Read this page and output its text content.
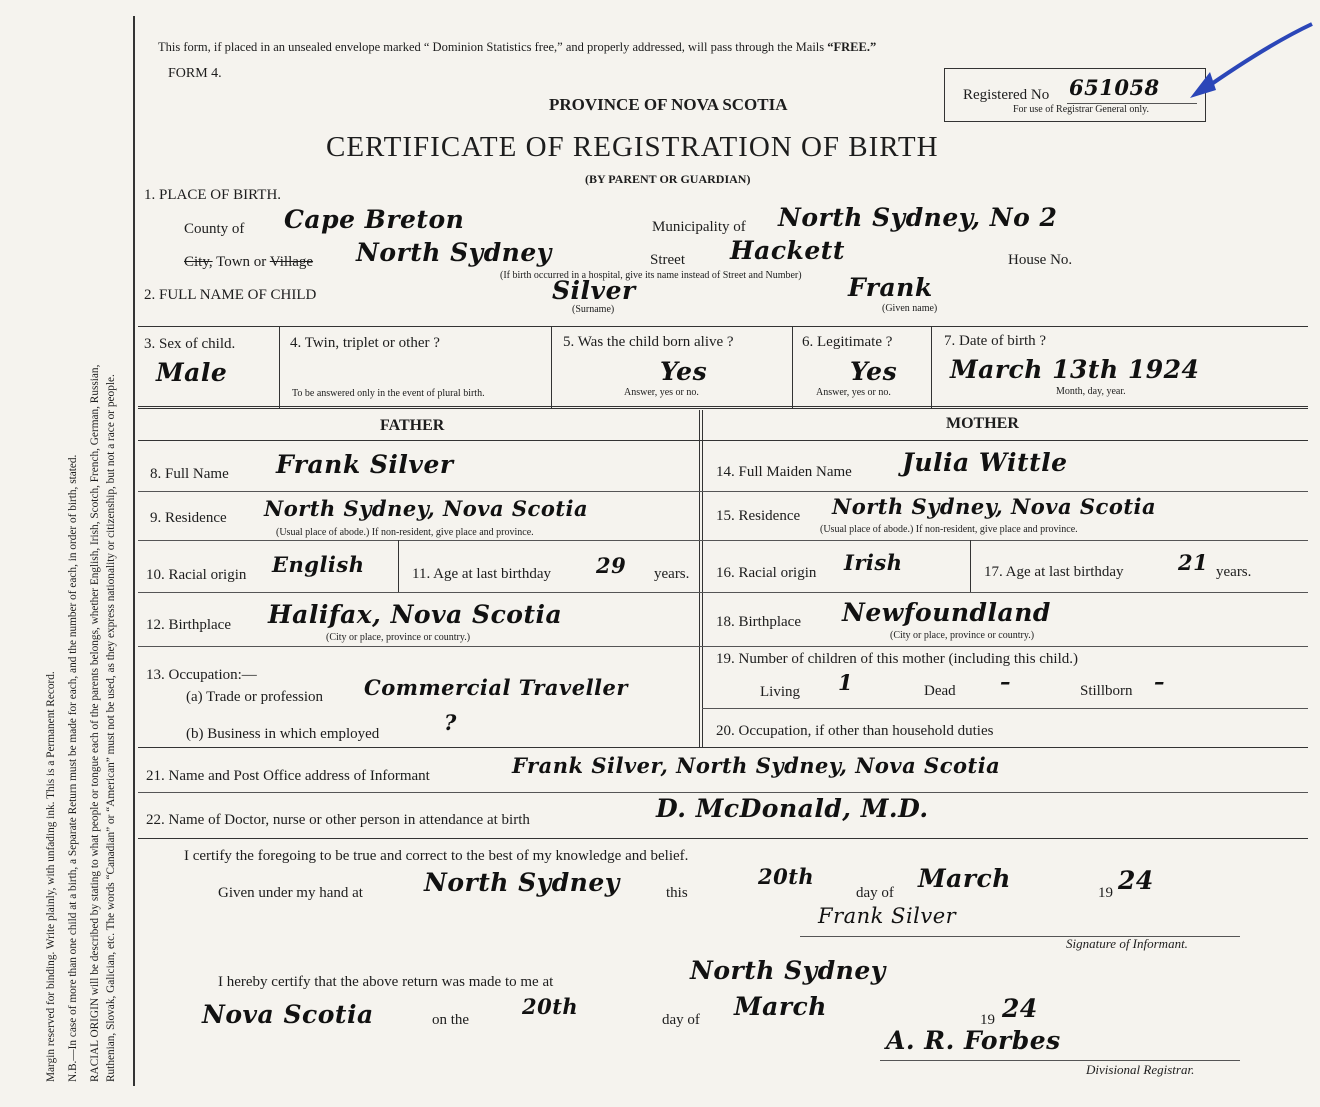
Margin reserved for binding. Write plainly, with unfading ink. This is a Permanent Record. N.B.—In case of more than one child at a birth, a Separate Return must be made for each, and the number of each, in order of birth, stated. RACIAL ORIGIN will be described by stating to what people or tongue each of the parents belongs, whether English, Irish, Scotch, French, German, Russian, Ruthenian, Slovak, Galician, etc. The words “Canadian” or “American” must not be used, as they express nationality or citizenship, but not a race or people.
This form, if placed in an unsealed envelope marked “ Dominion Statistics free,” and properly addressed, will pass through the Mails “FREE.”
FORM 4.
PROVINCE OF NOVA SCOTIA
CERTIFICATE OF REGISTRATION OF BIRTH
(BY PARENT OR GUARDIAN)
Registered No 651058
For use of Registrar General only.
1. PLACE OF BIRTH.
County of Cape Breton	Municipality of North Sydney, No 2
City, Town or Village North Sydney	Street Hackett	House No.
(If birth occurred in a hospital, give its name instead of Street and Number)
2. FULL NAME OF CHILD	Silver	Frank
(Surname)	(Given name)
3. Sex of child.
Male
4. Twin, triplet or other ?
To be answered only in the event of plural birth.
5. Was the child born alive ?
Yes
Answer, yes or no.
6. Legitimate ?
Yes
Answer, yes or no.
7. Date of birth ?
March 13th 1924
Month, day, year.
FATHER	MOTHER
8. Full Name Frank Silver	14. Full Maiden Name Julia Wittle
9. Residence North Sydney, Nova Scotia
(Usual place of abode.) If non-resident, give place and province.
15. Residence North Sydney, Nova Scotia
(Usual place of abode.) If non-resident, give place and province.
10. Racial origin English	11. Age at last birthday 29 years. 16. Racial origin Irish	17. Age at last birthday	21 years.
12. Birthplace Halifax, Nova Scotia
(City or place, province or country.)
18. Birthplace Newfoundland
(City or place, province or country.)
13. Occupation:—
(a) Trade or profession Commercial Traveller
(b) Business in which employed	?
19. Number of children of this mother (including this child.)
Living 1	Dead –	Stillborn –
20. Occupation, if other than household duties
21. Name and Post Office address of Informant	Frank Silver, North Sydney, Nova Scotia
22. Name of Doctor, nurse or other person in attendance at birth	D. McDonald, M.D.
I certify the foregoing to be true and correct to the best of my knowledge and belief.
Given under my hand at North Sydney	this
20th
day of March	19 24
Frank Silver
Signature of Informant.
I hereby certify that the above return was made to me at	North Sydney
Nova Scotia	on the
20th
day of March	19 24
A. R. Forbes
Divisional Registrar.
